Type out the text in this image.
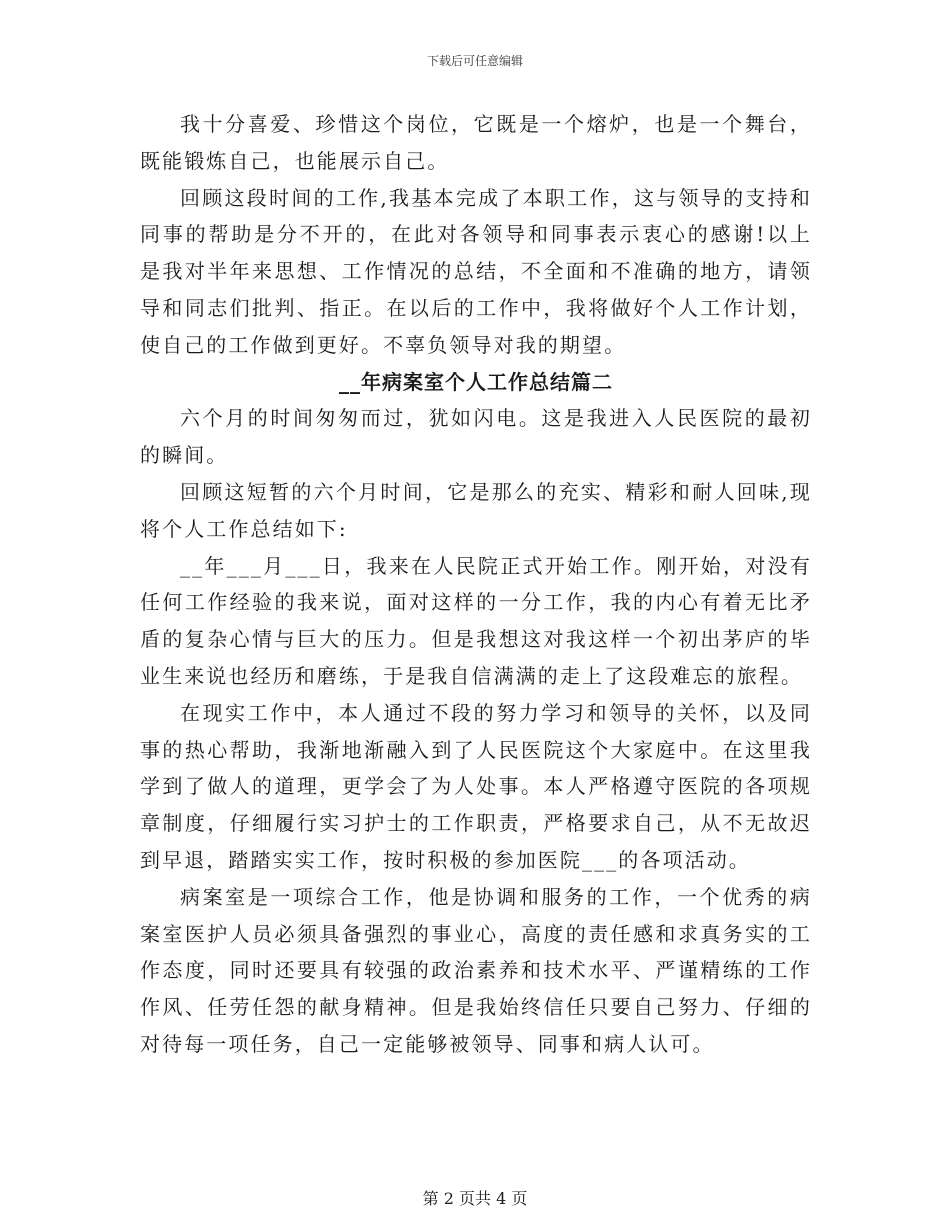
下载后可任意编辑

我十分喜爱、珍惜这个岗位，它既是一个熔炉，也是一个舞台，既能锻炼自己，也能展示自己。

回顾这段时间的工作,我基本完成了本职工作，这与领导的支持和同事的帮助是分不开的，在此对各领导和同事表示衷心的感谢!以上是我对半年来思想、工作情况的总结，不全面和不准确的地方，请领导和同志们批判、指正。在以后的工作中，我将做好个人工作计划，使自己的工作做到更好。不辜负领导对我的期望。

__年病案室个人工作总结篇二

六个月的时间匆匆而过，犹如闪电。这是我进入人民医院的最初的瞬间。

回顾这短暂的六个月时间，它是那么的充实、精彩和耐人回味,现将个人工作总结如下:

__年___月___日，我来在人民院正式开始工作。刚开始，对没有任何工作经验的我来说，面对这样的一分工作，我的内心有着无比矛盾的复杂心情与巨大的压力。但是我想这对我这样一个初出茅庐的毕业生来说也经历和磨练，于是我自信满满的走上了这段难忘的旅程。

在现实工作中，本人通过不段的努力学习和领导的关怀，以及同事的热心帮助，我渐地渐融入到了人民医院这个大家庭中。在这里我学到了做人的道理，更学会了为人处事。本人严格遵守医院的各项规章制度，仔细履行实习护士的工作职责，严格要求自己，从不无故迟到早退，踏踏实实工作，按时积极的参加医院___的各项活动。

病案室是一项综合工作，他是协调和服务的工作，一个优秀的病案室医护人员必须具备强烈的事业心，高度的责任感和求真务实的工作态度，同时还要具有较强的政治素养和技术水平、严谨精练的工作作风、任劳任怨的献身精神。但是我始终信任只要自己努力、仔细的对待每一项任务，自己一定能够被领导、同事和病人认可。

第 2 页共 4 页
